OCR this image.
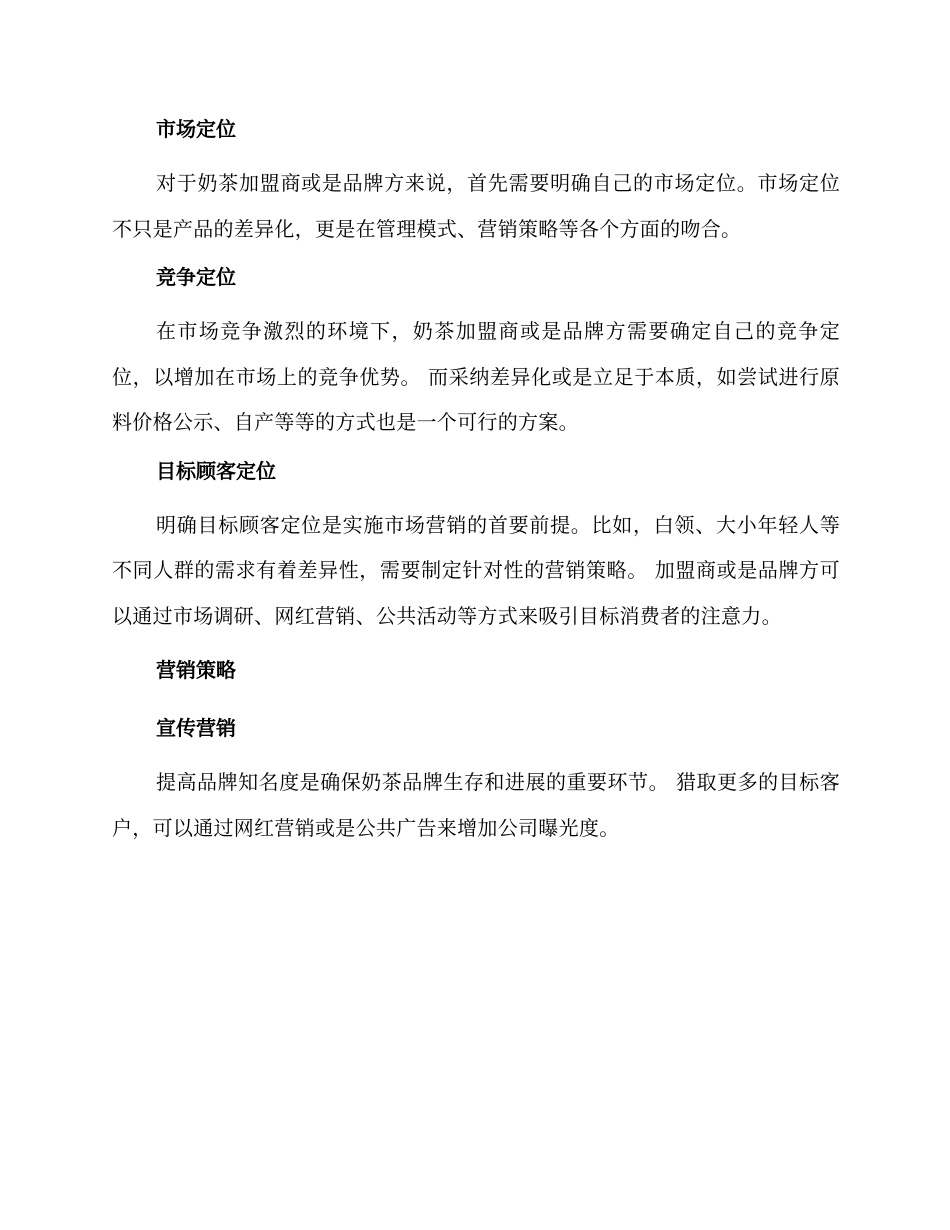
市场定位

对于奶茶加盟商或是品牌方来说，首先需要明确自己的市场定位。市场定位不只是产品的差异化，更是在管理模式、营销策略等各个方面的吻合。

竞争定位

在市场竞争激烈的环境下，奶茶加盟商或是品牌方需要确定自己的竞争定位，以增加在市场上的竞争优势。 而采纳差异化或是立足于本质，如尝试进行原料价格公示、自产等等的方式也是一个可行的方案。

目标顾客定位

明确目标顾客定位是实施市场营销的首要前提。比如，白领、大小年轻人等不同人群的需求有着差异性，需要制定针对性的营销策略。 加盟商或是品牌方可以通过市场调研、网红营销、公共活动等方式来吸引目标消费者的注意力。

营销策略
宣传营销

提高品牌知名度是确保奶茶品牌生存和进展的重要环节。 猎取更多的目标客户，可以通过网红营销或是公共广告来增加公司曝光度。
